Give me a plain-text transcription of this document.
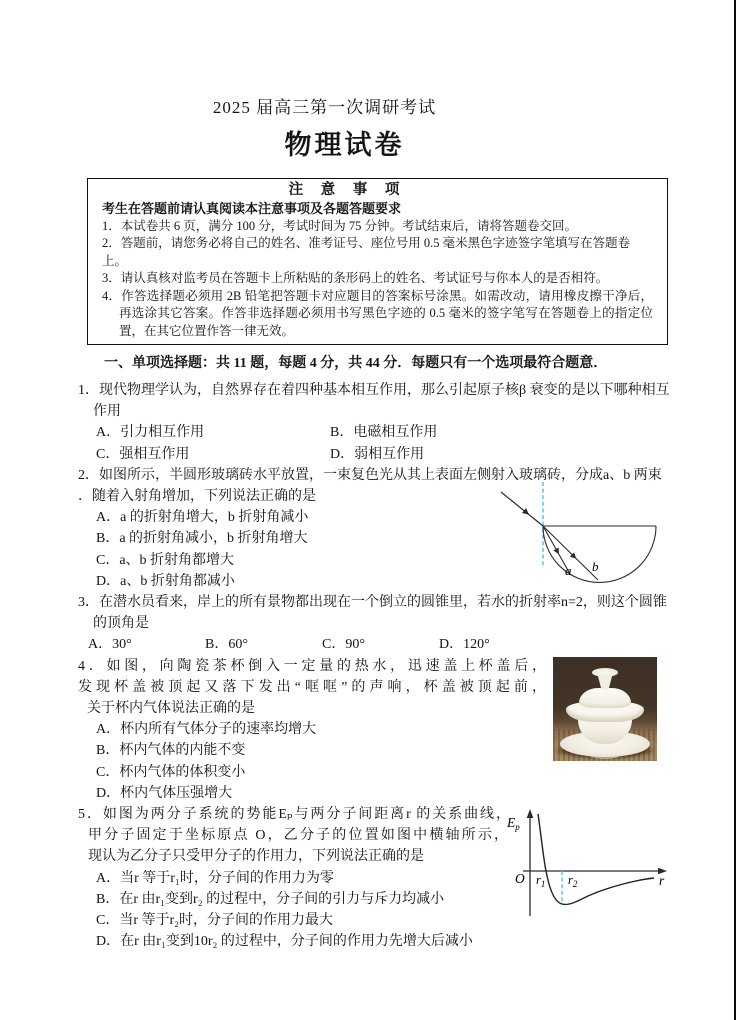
2025 届高三第一次调研考试
物理试卷
注 意 事 项
考生在答题前请认真阅读本注意事项及各题答题要求
1．本试卷共 6 页，满分 100 分，考试时间为 75 分钟。考试结束后，请将答题卷交回。
2．答题前，请您务必将自己的姓名、准考证号、座位号用 0.5 毫米黑色字迹签字笔填写在答题卷上。
3．请认真核对监考员在答题卡上所粘贴的条形码上的姓名、考试证号与你本人的是否相符。
4．作答选择题必须用 2B 铅笔把答题卡对应题目的答案标号涂黑。如需改动，请用橡皮擦干净后，再选涂其它答案。作答非选择题必须用书写黑色字迹的 0.5 毫米的签字笔写在答题卷上的指定位置，在其它位置作答一律无效。
一、单项选择题：共 11 题，每题 4 分，共 44 分．每题只有一个选项最符合题意．
1．现代物理学认为，自然界存在着四种基本相互作用，那么引起原子核β 衰变的是以下哪种相互
作用
A．引力相互作用	B．电磁相互作用
C．强相互作用	D．弱相互作用
2．如图所示，半圆形玻璃砖水平放置，一束复色光从其上表面左侧射入玻璃砖，分成a、b 两束
．随着入射角增加，下列说法正确的是
A．a 的折射角增大，b 折射角减小
B．a 的折射角减小，b 折射角增大
C．a、b 折射角都增大
D．a、b 折射角都减小
a b
3．在潜水员看来，岸上的所有景物都出现在一个倒立的圆锥里，若水的折射率n=2，则这个圆锥
的顶角是
A．30°	B．60°	C．90°	D．120°
4．如图，向陶瓷茶杯倒入一定量的热水，迅速盖上杯盖后，
发现杯盖被顶起又落下发出“哐哐”的声响，杯盖被顶起前，
关于杯内气体说法正确的是
A．杯内所有气体分子的速率均增大
B．杯内气体的内能不变
C．杯内气体的体积变小
D．杯内气体压强增大
5．如图为两分子系统的势能Eₚ与两分子间距离r 的关系曲线，
甲分子固定于坐标原点 O，乙分子的位置如图中横轴所示，
现认为乙分子只受甲分子的作用力，下列说法正确的是
A．当r 等于r₁时，分子间的作用力为零
B．在r 由r₁变到r₂ 的过程中，分子间的引力与斥力均减小
C．当r 等于r₂时，分子间的作用力最大
D．在r 由r₁变到10r₂ 的过程中，分子间的作用力先增大后减小
$E_p$
O	r
$r_1$ $r_2$
